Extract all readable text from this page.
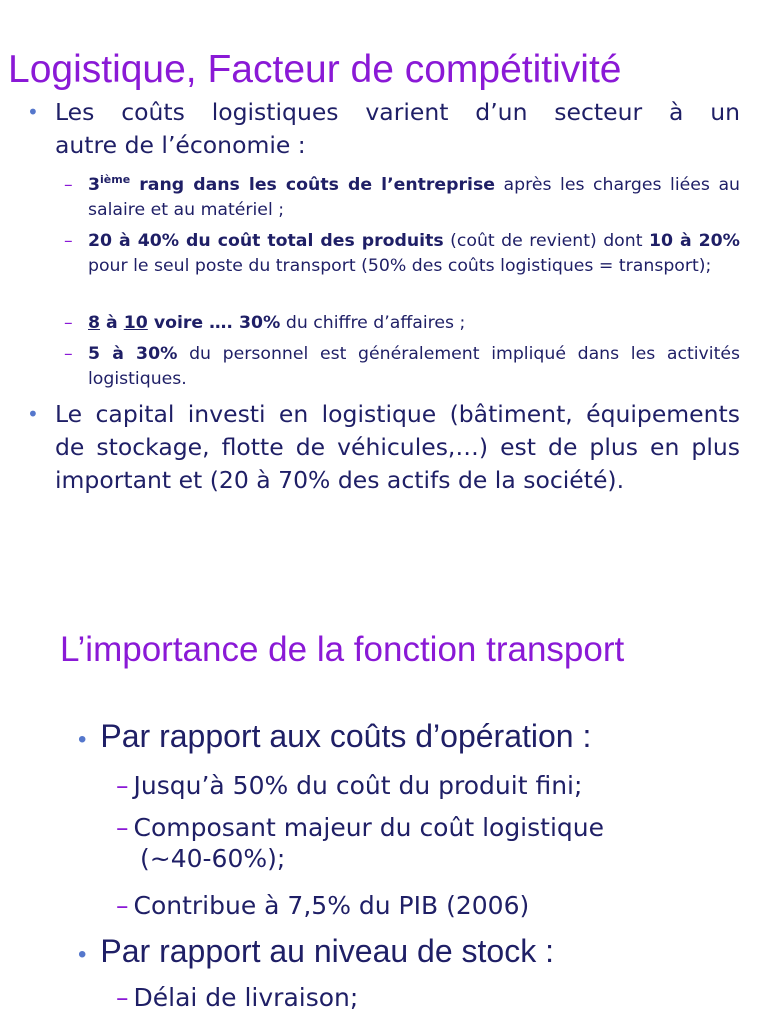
Logistique, Facteur de compétitivité
• Les coûts logistiques varient d’un secteur à un
autre de l’économie :
– 3ième rang dans les coûts de l’entreprise après les charges liées au salaire et au matériel ;
– 20 à 40% du coût total des produits (coût de revient) dont 10 à 20% pour le seul poste du transport (50% des coûts logistiques = transport);
– 8 à 10 voire …. 30% du chiffre d’affaires ;
– 5 à 30% du personnel est généralement impliqué dans les activités logistiques.
• Le capital investi en logistique (bâtiment, équipements de stockage, flotte de véhicules,…) est de plus en plus important et (20 à 70% des actifs de la société).
L’importance de la fonction transport
• Par rapport aux coûts d’opération :
– Jusqu’à 50% du coût du produit fini;
– Composant majeur du coût logistique
(~40-60%);
– Contribue à 7,5% du PIB (2006)
• Par rapport au niveau de stock :
– Délai de livraison;
